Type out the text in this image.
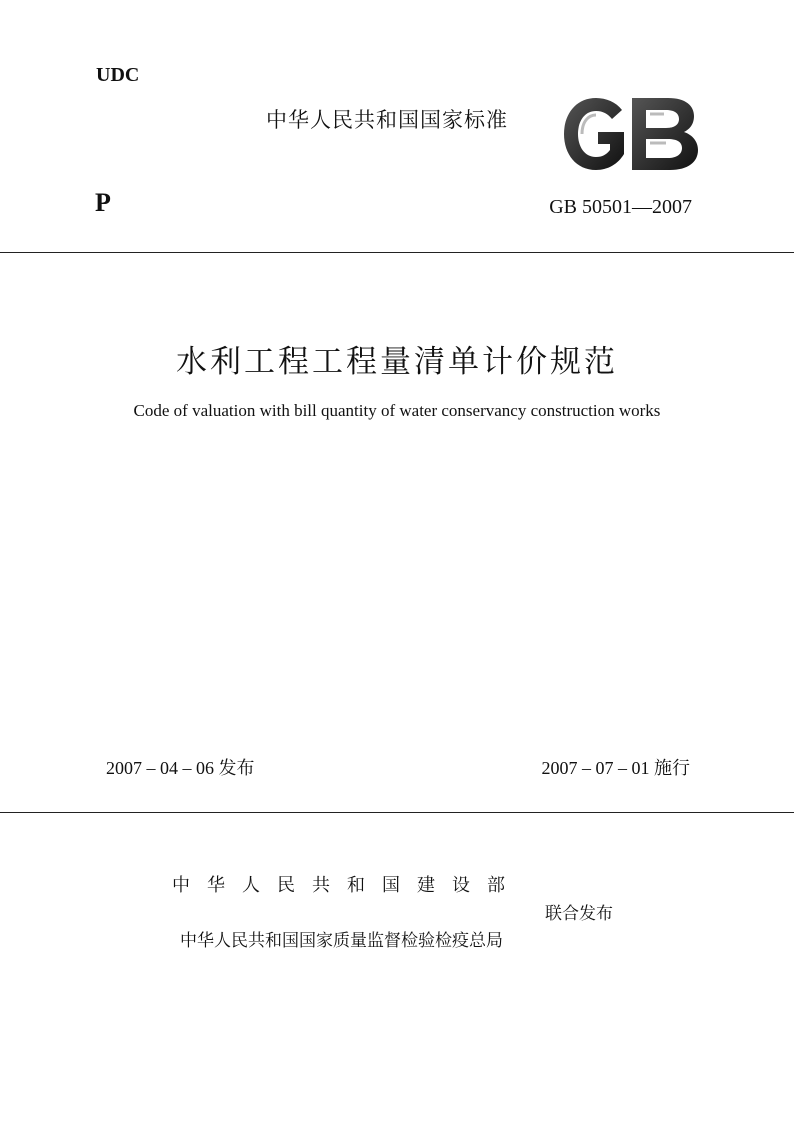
UDC
中华人民共和国国家标准
P	GB 50501—2007
水利工程工程量清单计价规范
Code of valuation with bill quantity of water conservancy construction works
2007 – 04 – 06 发布	2007 – 07 – 01 施行
中华人民共和国建设部
联合发布
中华人民共和国国家质量监督检验检疫总局
